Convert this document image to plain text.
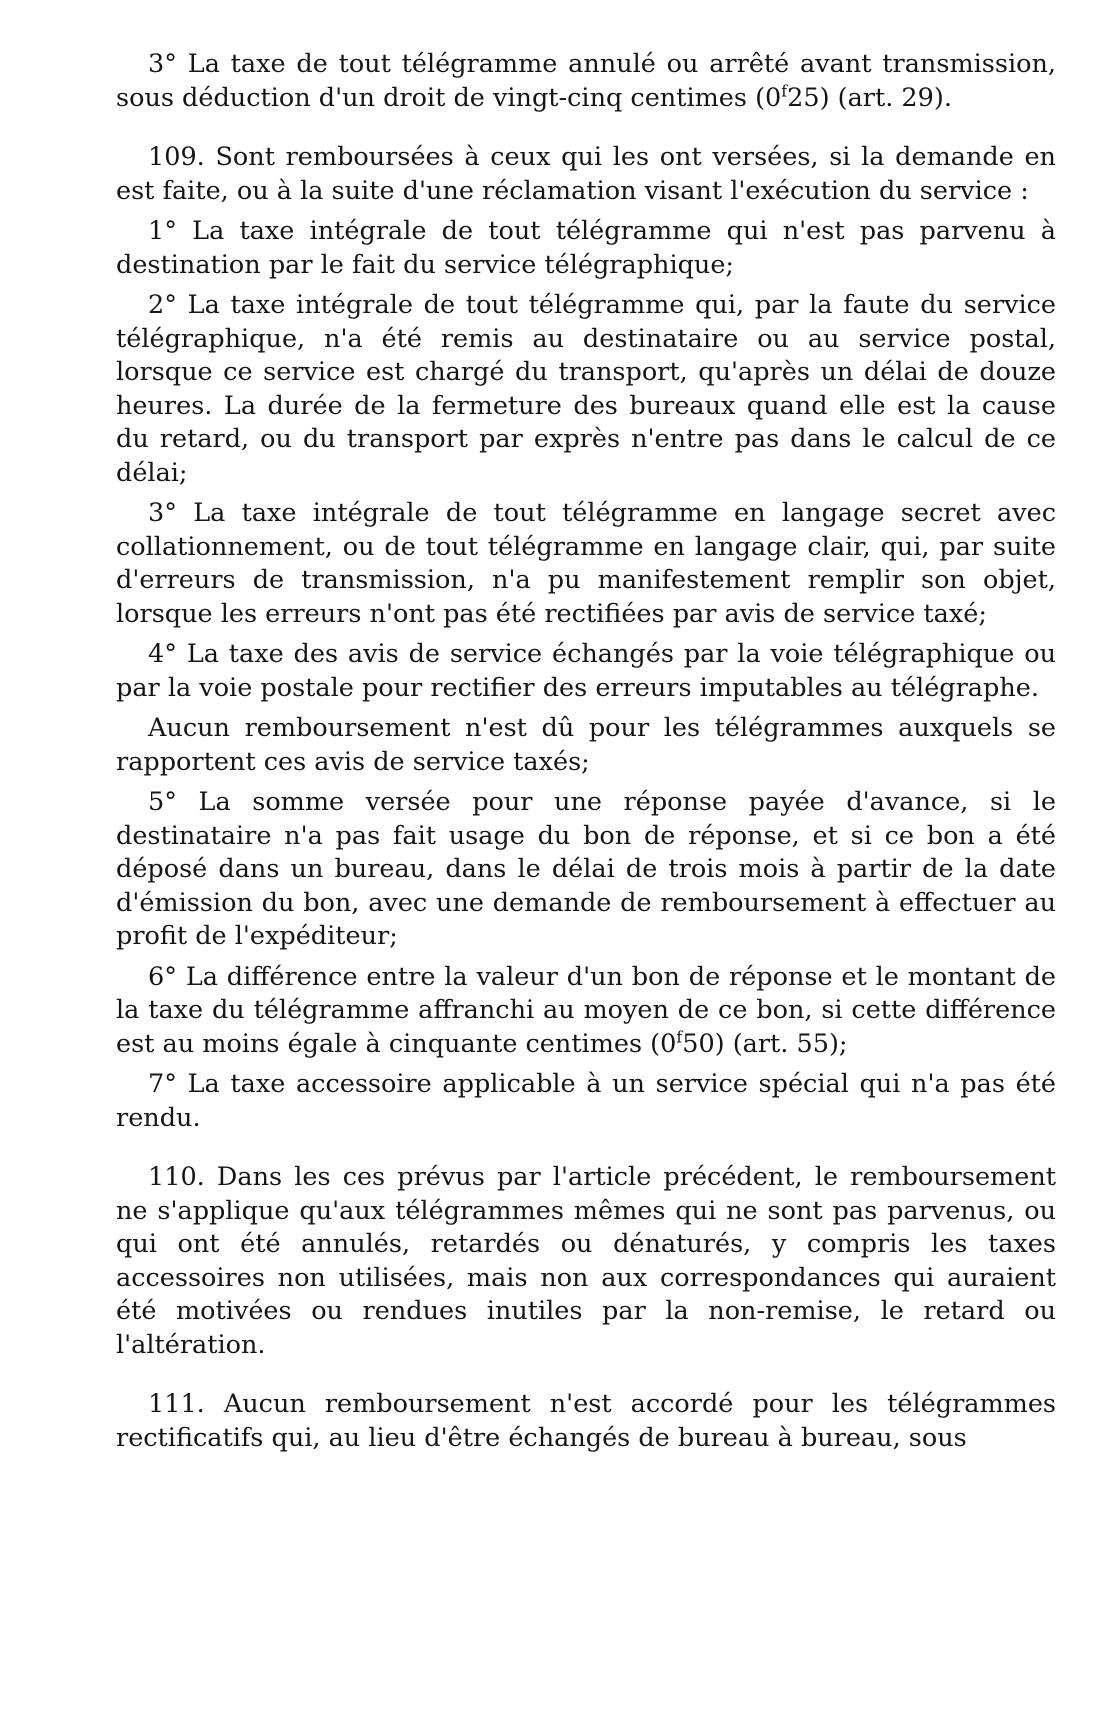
3° La taxe de tout télégramme annulé ou arrêté avant transmission, sous déduction d'un droit de vingt-cinq centimes (0$^f$25) (art. 29).

109. Sont remboursées à ceux qui les ont versées, si la demande en est faite, ou à la suite d'une réclamation visant l'exécution du service :

1° La taxe intégrale de tout télégramme qui n'est pas parvenu à destination par le fait du service télégraphique;

2° La taxe intégrale de tout télégramme qui, par la faute du service télégraphique, n'a été remis au destinataire ou au service postal, lorsque ce service est chargé du transport, qu'après un délai de douze heures. La durée de la fermeture des bureaux quand elle est la cause du retard, ou du transport par exprès n'entre pas dans le calcul de ce délai;

3° La taxe intégrale de tout télégramme en langage secret avec collationnement, ou de tout télégramme en langage clair, qui, par suite d'erreurs de transmission, n'a pu manifestement remplir son objet, lorsque les erreurs n'ont pas été rectifiées par avis de service taxé;

4° La taxe des avis de service échangés par la voie télégraphique ou par la voie postale pour rectifier des erreurs imputables au télégraphe.

Aucun remboursement n'est dû pour les télégrammes auxquels se rapportent ces avis de service taxés;

5° La somme versée pour une réponse payée d'avance, si le destinataire n'a pas fait usage du bon de réponse, et si ce bon a été déposé dans un bureau, dans le délai de trois mois à partir de la date d'émission du bon, avec une demande de remboursement à effectuer au profit de l'expéditeur;

6° La différence entre la valeur d'un bon de réponse et le montant de la taxe du télégramme affranchi au moyen de ce bon, si cette différence est au moins égale à cinquante centimes (0$^f$50) (art. 55);

7° La taxe accessoire applicable à un service spécial qui n'a pas été rendu.

110. Dans les ces prévus par l'article précédent, le remboursement ne s'applique qu'aux télégrammes mêmes qui ne sont pas parvenus, ou qui ont été annulés, retardés ou dénaturés, y compris les taxes accessoires non utilisées, mais non aux correspondances qui auraient été motivées ou rendues inutiles par la non-remise, le retard ou l'altération.

111. Aucun remboursement n'est accordé pour les télégrammes rectificatifs qui, au lieu d'être échangés de bureau à bureau, sous
